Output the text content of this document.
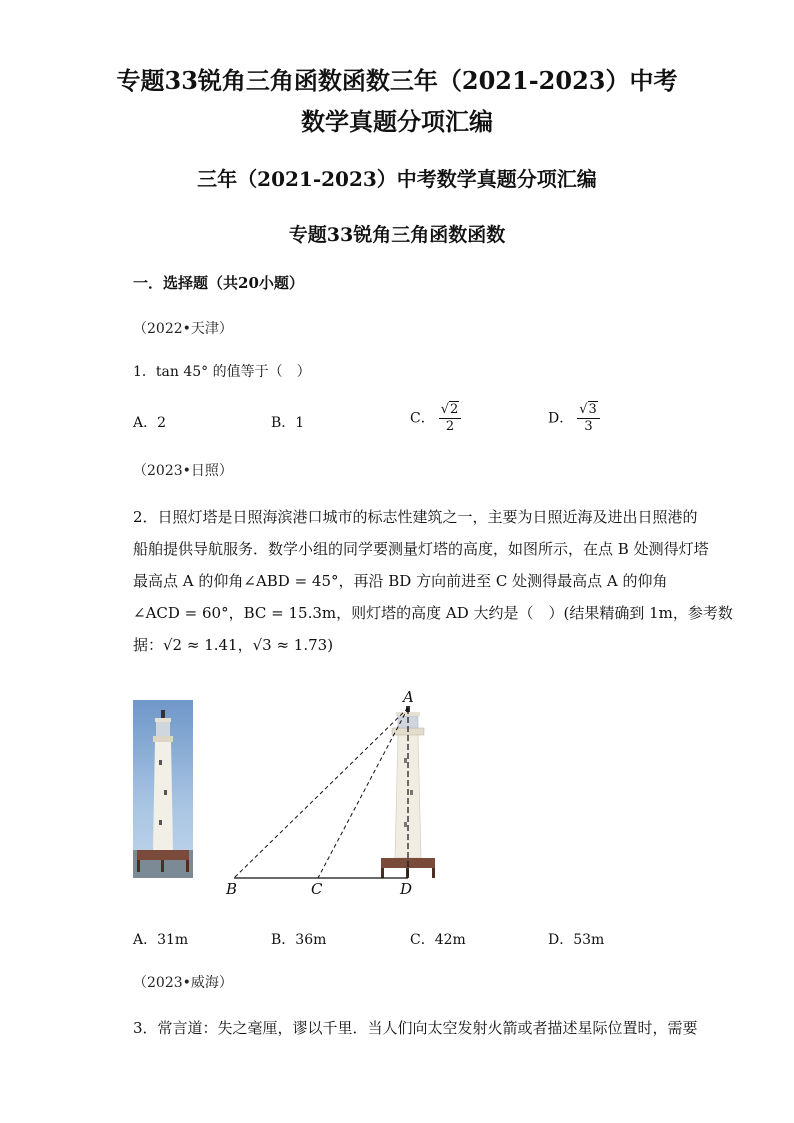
专题33锐角三角函数函数三年（2021-2023）中考
数学真题分项汇编
三年（2021-2023）中考数学真题分项汇编
专题33锐角三角函数函数
一．选择题（共20小题）
（2022•天津）
1．tan 45° 的值等于（　）
A．2	B．1	C． $\frac{√2}{2}$	D． $\frac{√3}{3}$
（2023•日照）
2．日照灯塔是日照海滨港口城市的标志性建筑之一，主要为日照近海及进出日照港的
船舶提供导航服务．数学小组的同学要测量灯塔的高度，如图所示，在点 B 处测得灯塔
最高点 A 的仰角∠ABD = 45°，再沿 BD 方向前进至 C 处测得最高点 A 的仰角
∠ACD = 60°，BC = 15.3m，则灯塔的高度 AD 大约是（　）(结果精确到 1m，参考数
据：√2 ≈ 1.41，√3 ≈ 1.73)
A
B	C	D
A．31m	B．36m	C．42m	D．53m
（2023•威海）
3．常言道：失之毫厘，谬以千里．当人们向太空发射火箭或者描述星际位置时，需要
